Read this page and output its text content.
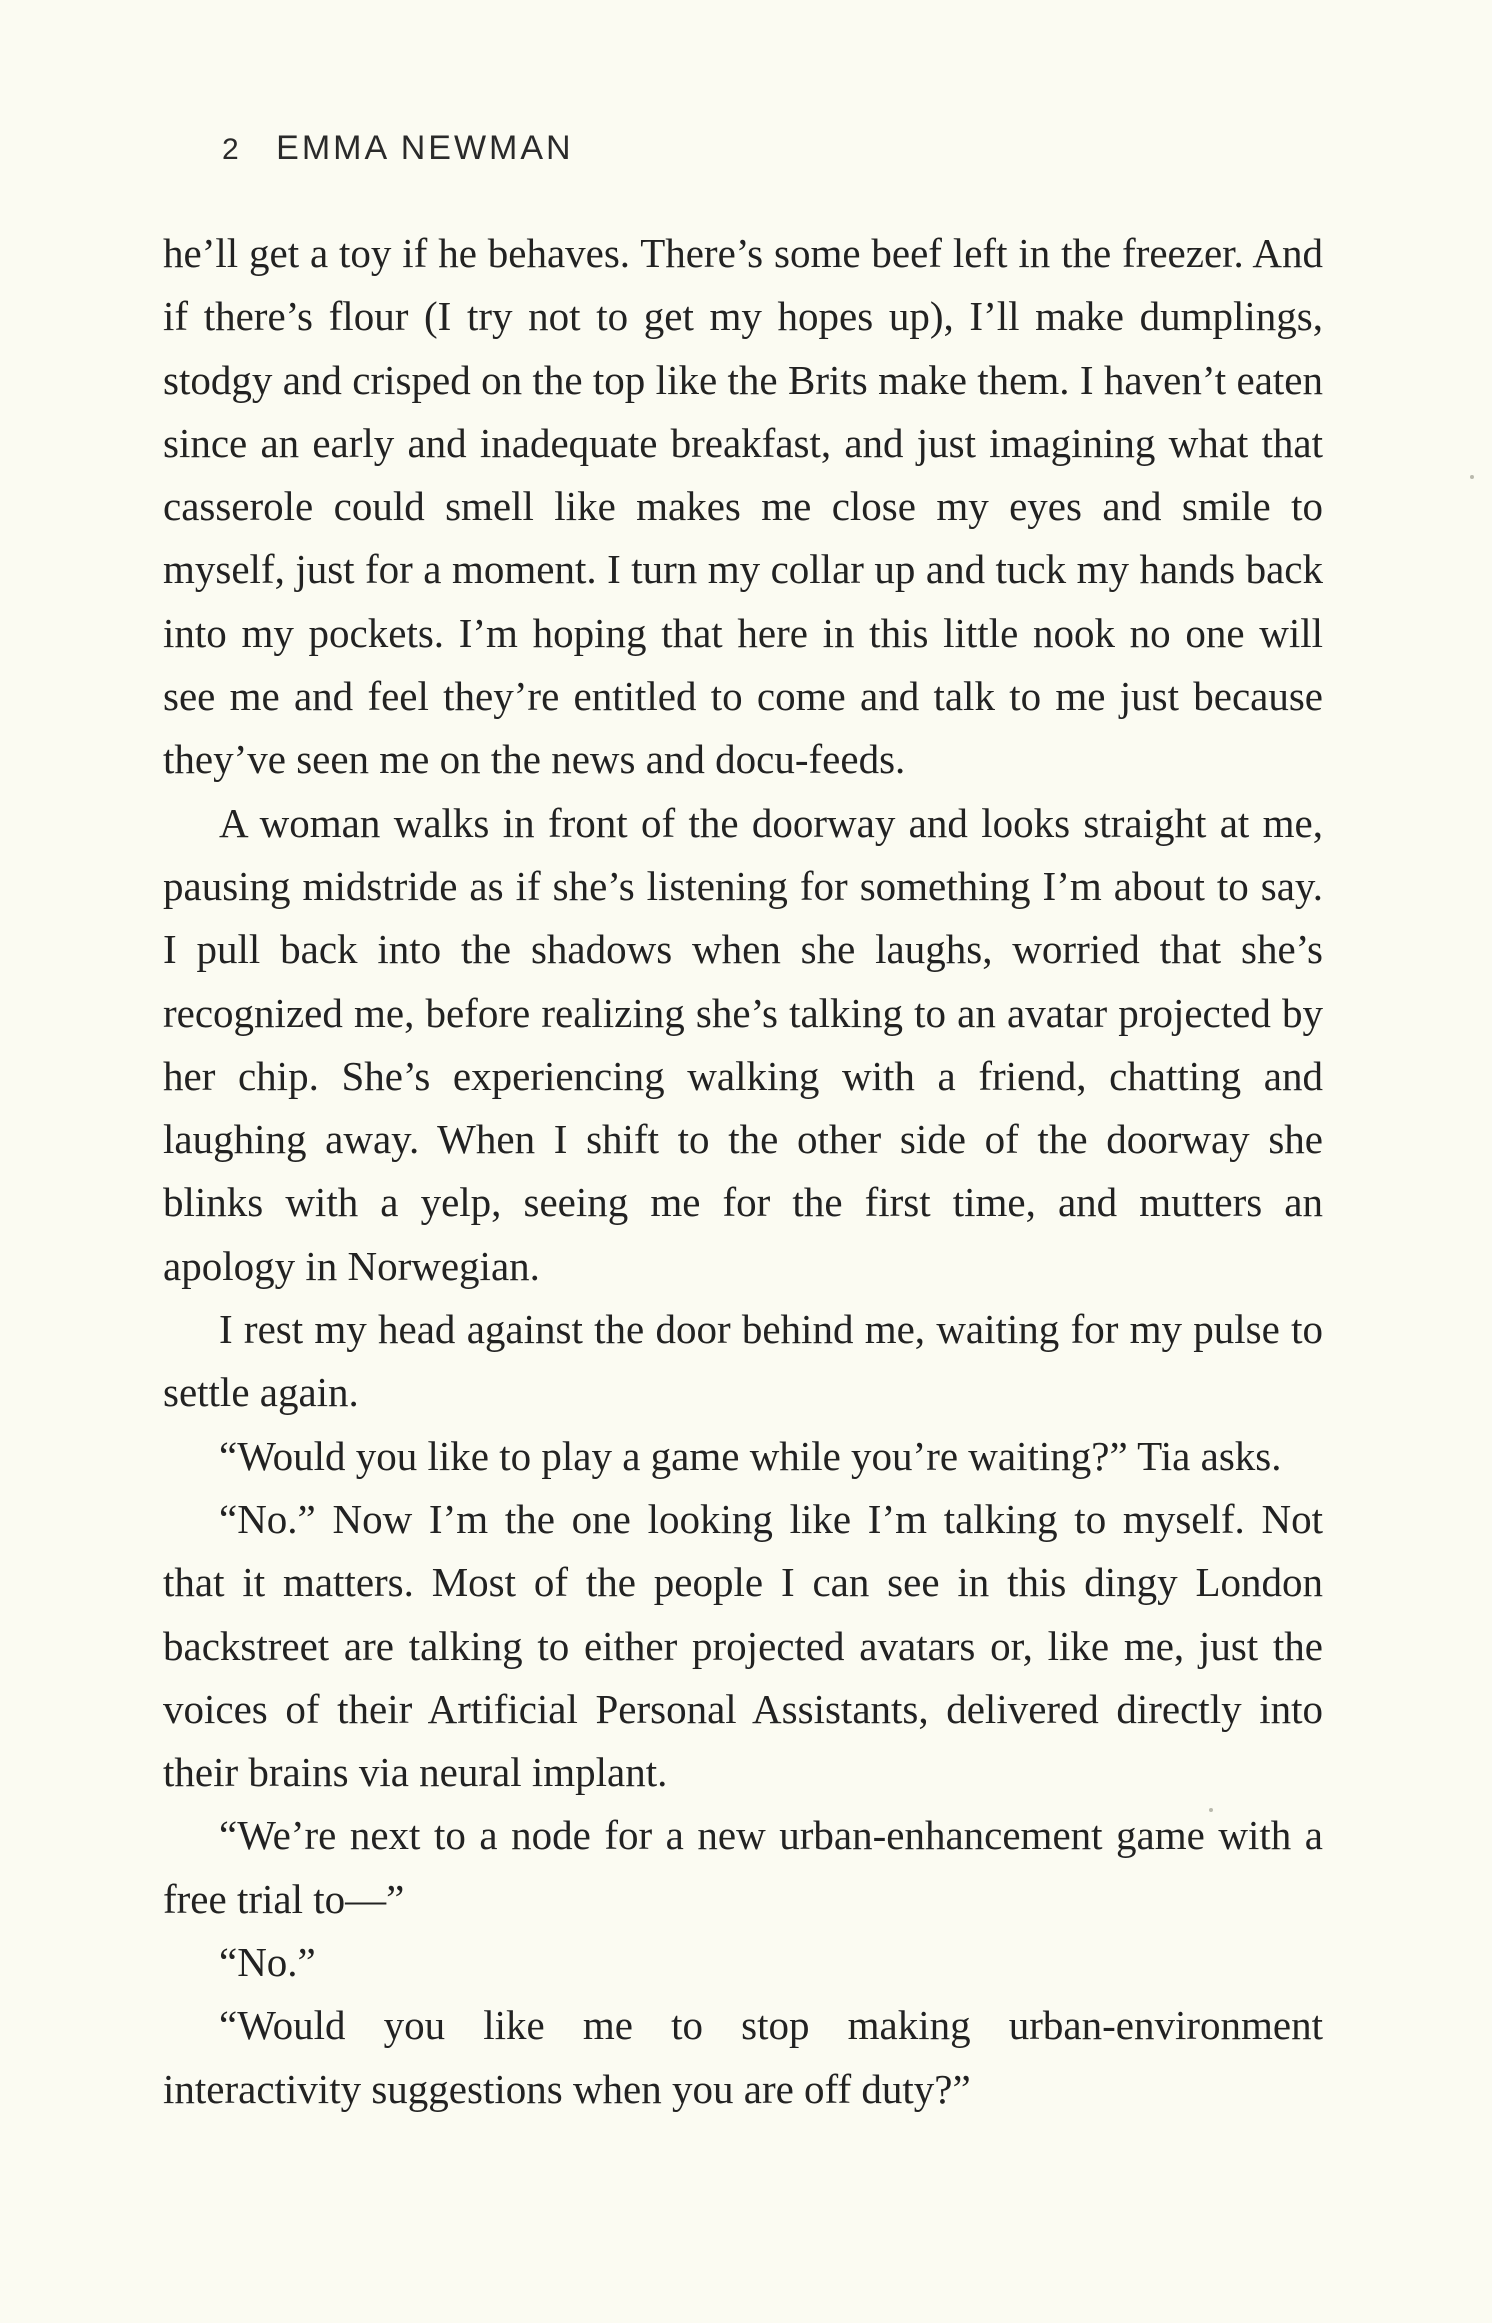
2 EMMA NEWMAN

he’ll get a toy if he behaves. There’s some beef left in the freezer. And if there’s flour (I try not to get my hopes up), I’ll make dumplings, stodgy and crisped on the top like the Brits make them. I haven’t eaten since an early and inadequate breakfast, and just imagining what that casserole could smell like makes me close my eyes and smile to myself, just for a moment. I turn my collar up and tuck my hands back into my pockets. I’m hoping that here in this little nook no one will see me and feel they’re entitled to come and talk to me just because they’ve seen me on the news and docu-feeds.

A woman walks in front of the doorway and looks straight at me, pausing midstride as if she’s listening for something I’m about to say. I pull back into the shadows when she laughs, worried that she’s recognized me, before realizing she’s talking to an avatar projected by her chip. She’s experiencing walking with a friend, chatting and laughing away. When I shift to the other side of the doorway she blinks with a yelp, seeing me for the first time, and mutters an apology in Norwegian.

I rest my head against the door behind me, waiting for my pulse to settle again.

“Would you like to play a game while you’re waiting?” Tia asks.

“No.” Now I’m the one looking like I’m talking to myself. Not that it matters. Most of the people I can see in this dingy London backstreet are talking to either projected avatars or, like me, just the voices of their Artificial Personal Assistants, delivered directly into their brains via neural implant.

“We’re next to a node for a new urban-enhancement game with a free trial to—”

“No.”

“Would you like me to stop making urban-environment interactivity suggestions when you are off duty?”
